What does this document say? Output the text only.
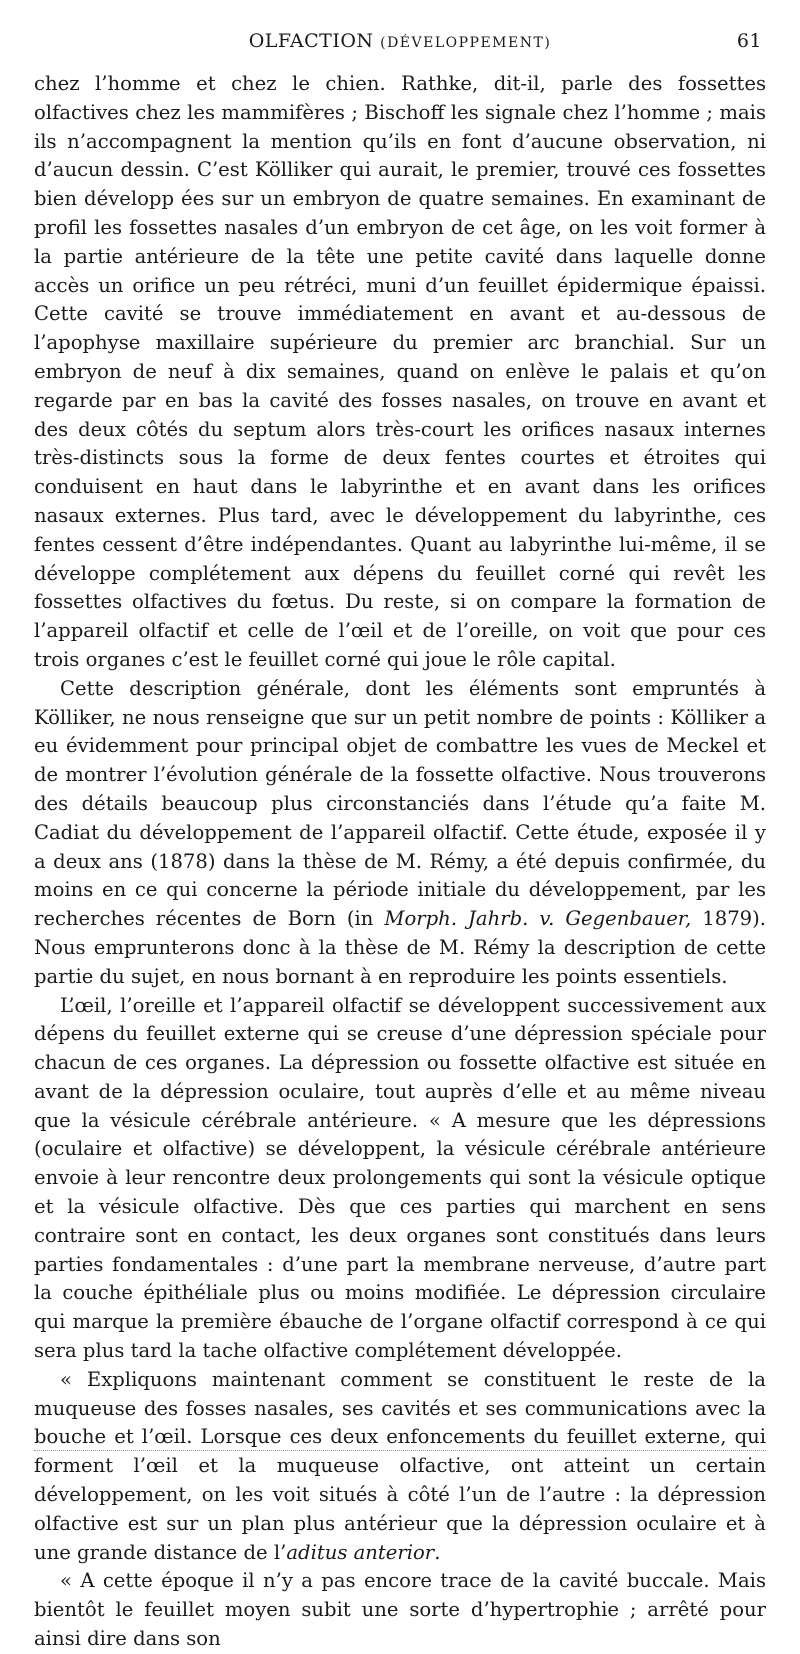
OLFACTION (DÉVELOPPEMENT)	61

chez l’homme et chez le chien. Rathke, dit-il, parle des fossettes olfactives chez les mammifères ; Bischoff les signale chez l’homme ; mais ils n’accompagnent la mention qu’ils en font d’aucune observation, ni d’aucun dessin. C’est Kölliker qui aurait, le premier, trouvé ces fossettes bien développ ées sur un embryon de quatre semaines. En examinant de profil les fossettes nasales d’un embryon de cet âge, on les voit former à la partie antérieure de la tête une petite cavité dans laquelle donne accès un orifice un peu rétréci, muni d’un feuillet épidermique épaissi. Cette cavité se trouve immédiatement en avant et au-dessous de l’apophyse maxillaire supérieure du premier arc branchial. Sur un embryon de neuf à dix semaines, quand on enlève le palais et qu’on regarde par en bas la cavité des fosses nasales, on trouve en avant et des deux côtés du septum alors très-court les orifices nasaux internes très-distincts sous la forme de deux fentes courtes et étroites qui conduisent en haut dans le labyrinthe et en avant dans les orifices nasaux externes. Plus tard, avec le développement du labyrinthe, ces fentes cessent d’être indépendantes. Quant au labyrinthe lui-même, il se développe complétement aux dépens du feuillet corné qui revêt les fossettes olfactives du fœtus. Du reste, si on compare la formation de l’appareil olfactif et celle de l’œil et de l’oreille, on voit que pour ces trois organes c’est le feuillet corné qui joue le rôle capital.

Cette description générale, dont les éléments sont empruntés à Kölliker, ne nous renseigne que sur un petit nombre de points : Kölliker a eu évidemment pour principal objet de combattre les vues de Meckel et de montrer l’évolution générale de la fossette olfactive. Nous trouverons des détails beaucoup plus circonstanciés dans l’étude qu’a faite M. Cadiat du développement de l’appareil olfactif. Cette étude, exposée il y a deux ans (1878) dans la thèse de M. Rémy, a été depuis confirmée, du moins en ce qui concerne la période initiale du développement, par les recherches récentes de Born (in Morph. Jahrb. v. Gegenbauer, 1879). Nous emprunterons donc à la thèse de M. Rémy la description de cette partie du sujet, en nous bornant à en reproduire les points essentiels.

L’œil, l’oreille et l’appareil olfactif se développent successivement aux dépens du feuillet externe qui se creuse d’une dépression spéciale pour chacun de ces organes. La dépression ou fossette olfactive est située en avant de la dépression oculaire, tout auprès d’elle et au même niveau que la vésicule cérébrale antérieure. « A mesure que les dépressions (oculaire et olfactive) se développent, la vésicule cérébrale antérieure envoie à leur rencontre deux prolongements qui sont la vésicule optique et la vésicule olfactive. Dès que ces parties qui marchent en sens contraire sont en contact, les deux organes sont constitués dans leurs parties fondamentales : d’une part la membrane nerveuse, d’autre part la couche épithéliale plus ou moins modifiée. Le dépression circulaire qui marque la première ébauche de l’organe olfactif correspond à ce qui sera plus tard la tache olfactive complétement développée.

« Expliquons maintenant comment se constituent le reste de la muqueuse des fosses nasales, ses cavités et ses communications avec la bouche et l’œil. Lorsque ces deux enfoncements du feuillet externe, qui forment l’œil et la muqueuse olfactive, ont atteint un certain développement, on les voit situés à côté l’un de l’autre : la dépression olfactive est sur un plan plus antérieur que la dépression oculaire et à une grande distance de l’aditus anterior.

« A cette époque il n’y a pas encore trace de la cavité buccale. Mais bientôt le feuillet moyen subit une sorte d’hypertrophie ; arrêté pour ainsi dire dans son
